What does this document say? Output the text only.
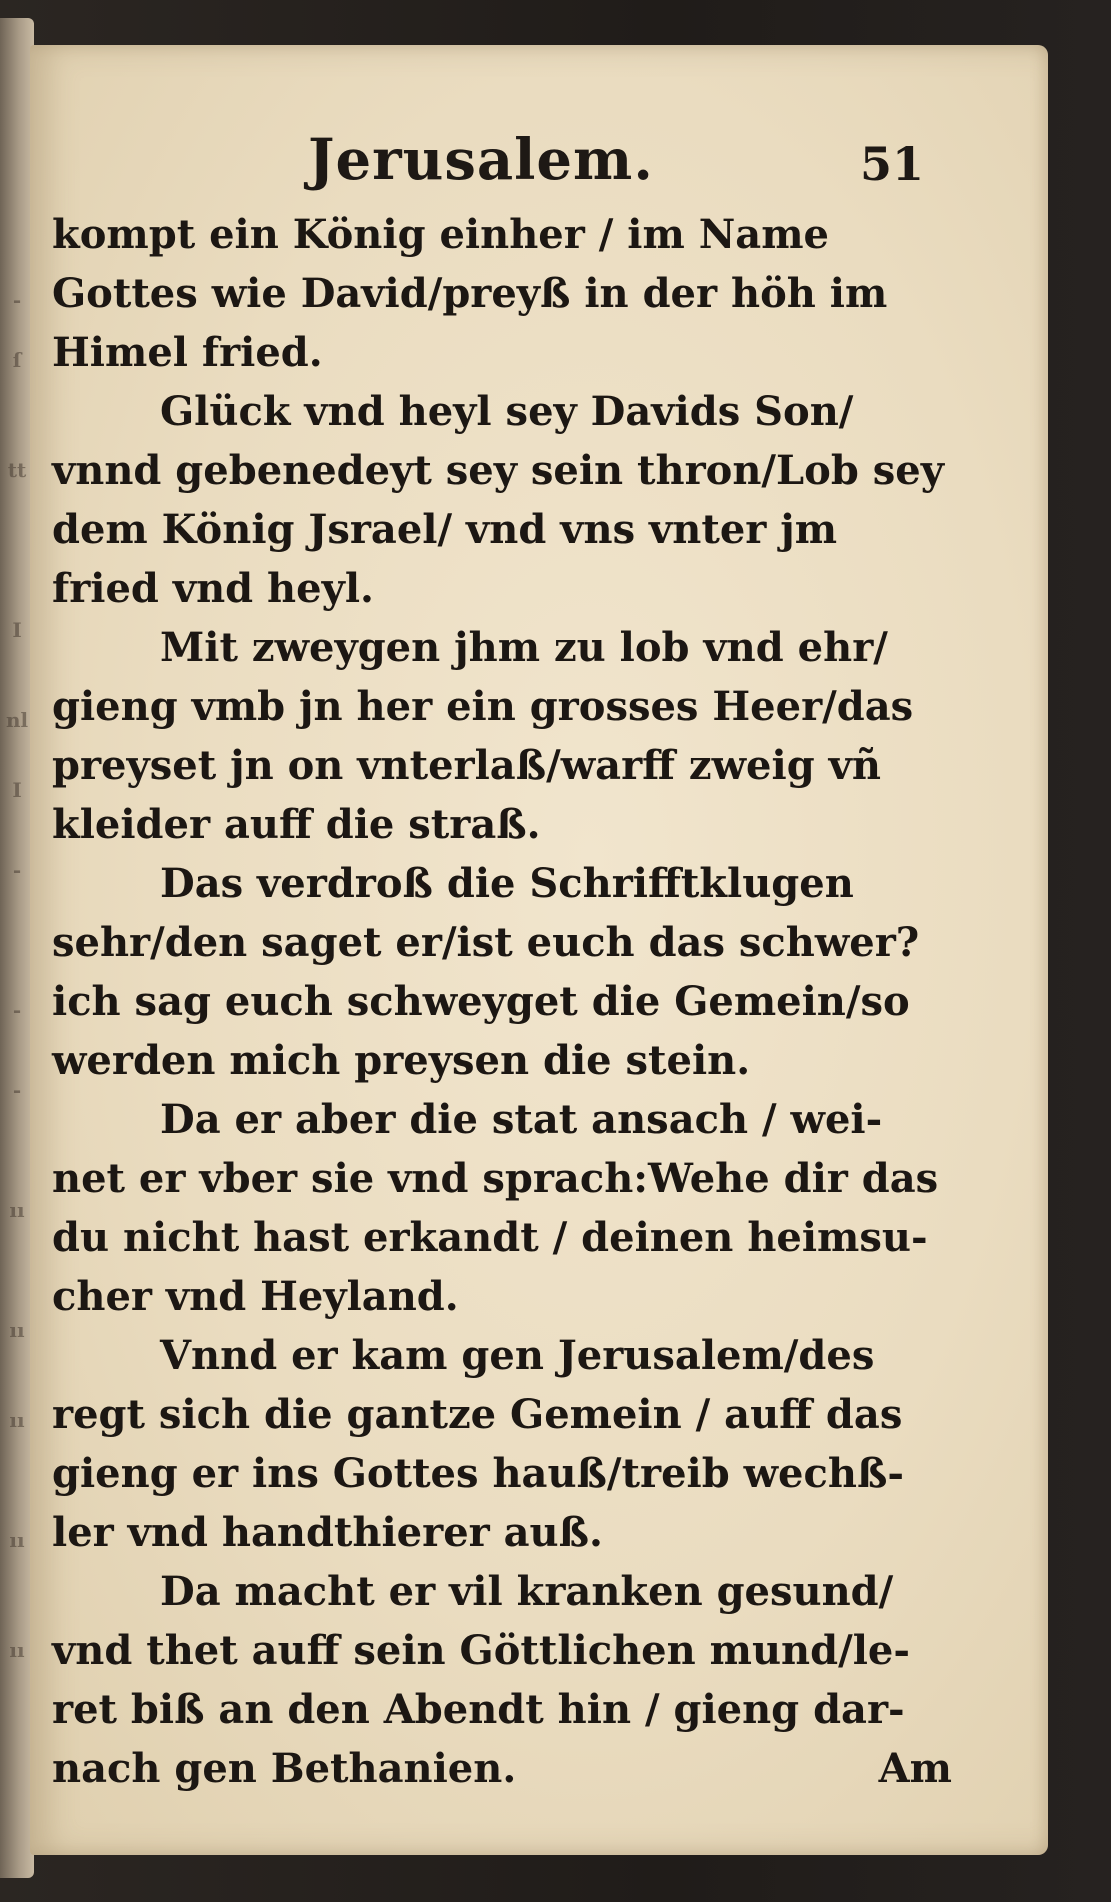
-
ſ
tt
I
nl
I
-
-
-
ıı
ıı
ıı
ıı
ıı
Jerusalem.	51
kompt ein König einher / im Name
Gottes wie David/preyß in der höh im
Himel fried.
Glück vnd heyl sey Davids Son/
vnnd gebenedeyt sey sein thron/Lob sey
dem König Jsrael/ vnd vns vnter jm
fried vnd heyl.
Mit zweygen jhm zu lob vnd ehr/
gieng vmb jn her ein grosses Heer/das
preyset jn on vnterlaß/warff zweig vñ
kleider auff die straß.
Das verdroß die Schrifftklugen
sehr/den saget er/ist euch das schwer?
ich sag euch schweyget die Gemein/so
werden mich preysen die stein.
Da er aber die stat ansach / wei-
net er vber sie vnd sprach:Wehe dir das
du nicht hast erkandt / deinen heimsu-
cher vnd Heyland.
Vnnd er kam gen Jerusalem/des
regt sich die gantze Gemein / auff das
gieng er ins Gottes hauß/treib wechß-
ler vnd handthierer auß.
Da macht er vil kranken gesund/
vnd thet auff sein Göttlichen mund/le-
ret biß an den Abendt hin / gieng dar-
nach gen Bethanien.	Am
